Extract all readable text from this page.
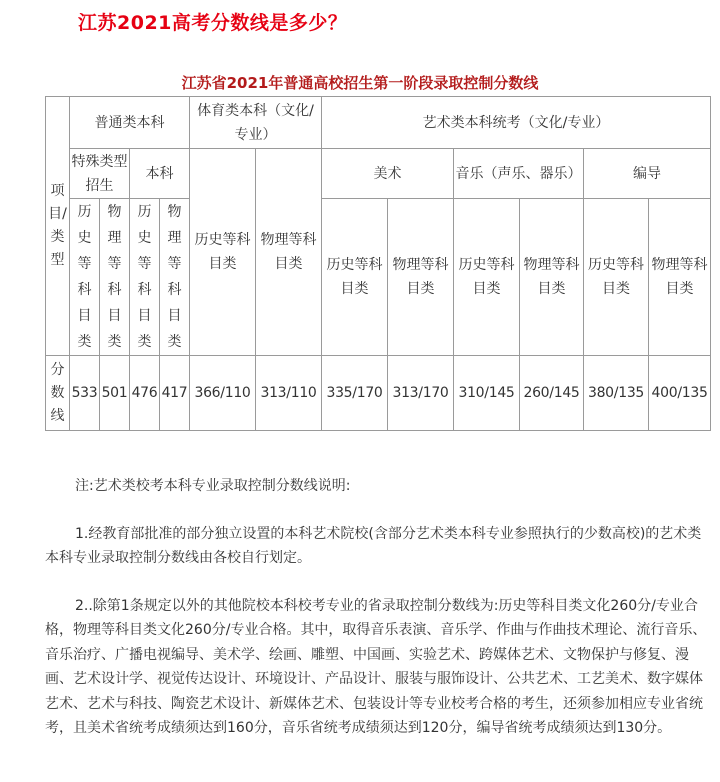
江苏2021高考分数线是多少？
江苏省2021年普通高校招生第一阶段录取控制分数线
项目/类型	普通类本科				体育类本科（文化/专业）		艺术类本科统考（文化/专业）					
	特殊类型招生		本科		历史等科目类	物理等科目类	美术		音乐（声乐、器乐）		编导	
	历史等科目类	物理等科目类	历史等科目类	物理等科目类			历史等科目类	物理等科目类	历史等科目类	物理等科目类	历史等科目类	物理等科目类
分数线	533	501	476	417	366/110	313/110	335/170	313/170	310/145	260/145	380/135	400/135

注:艺术类校考本科专业录取控制分数线说明:

1.经教育部批准的部分独立设置的本科艺术院校(含部分艺术类本科专业参照执行的少数高校)的艺术类本科专业录取控制分数线由各校自行划定。

2..除第1条规定以外的其他院校本科校考专业的省录取控制分数线为:历史等科目类文化260分/专业合格，物理等科目类文化260分/专业合格。其中，取得音乐表演、音乐学、作曲与作曲技术理论、流行音乐、音乐治疗、广播电视编导、美术学、绘画、雕塑、中国画、实验艺术、跨媒体艺术、文物保护与修复、漫画、艺术设计学、视觉传达设计、环境设计、产品设计、服装与服饰设计、公共艺术、工艺美术、数字媒体艺术、艺术与科技、陶瓷艺术设计、新媒体艺术、包装设计等专业校考合格的考生，还须参加相应专业省统考，且美术省统考成绩须达到160分，音乐省统考成绩须达到120分，编导省统考成绩须达到130分。
